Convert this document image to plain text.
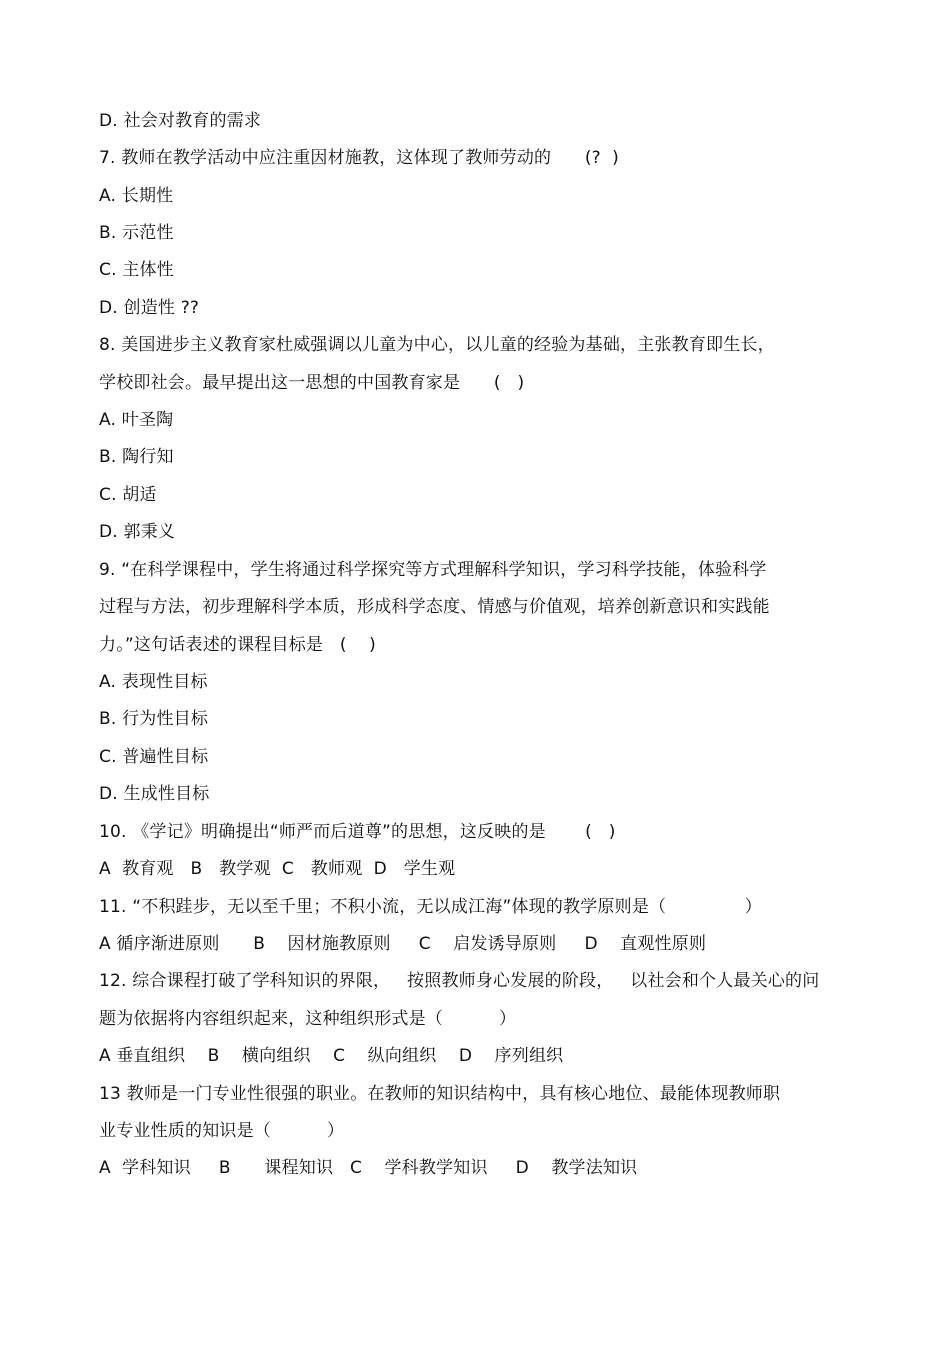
D. 社会对教育的需求
7. 教师在教学活动中应注重因材施教，这体现了教师劳动的      (?  )
A. 长期性
B. 示范性
C. 主体性
D. 创造性 ??
8. 美国进步主义教育家杜威强调以儿童为中心，以儿童的经验为基础，主张教育即生长，
学校即社会。最早提出这一思想的中国教育家是      (   )
A. 叶圣陶
B. 陶行知
C. 胡适
D. 郭秉义
9. “在科学课程中，学生将通过科学探究等方式理解科学知识，学习科学技能，体验科学
过程与方法，初步理解科学本质，形成科学态度、情感与价值观，培养创新意识和实践能
力。”这句话表述的课程目标是   (    )
A. 表现性目标
B. 行为性目标
C. 普遍性目标
D. 生成性目标
10. 《学记》明确提出“师严而后道尊”的思想，这反映的是       (   )
A  教育观   B   教学观  C   教师观  D   学生观
11. “不积跬步，无以至千里；不积小流，无以成江海”体现的教学原则是（              ）
A 循序渐进原则      B    因材施教原则     C    启发诱导原则     D    直观性原则
12. 综合课程打破了学科知识的界限，   按照教师身心发展的阶段，   以社会和个人最关心的问
题为依据将内容组织起来，这种组织形式是（          ）
A 垂直组织    B    横向组织    C    纵向组织    D    序列组织
13 教师是一门专业性很强的职业。在教师的知识结构中，具有核心地位、最能体现教师职
业专业性质的知识是（          ）
A  学科知识     B      课程知识   C    学科教学知识     D    教学法知识
